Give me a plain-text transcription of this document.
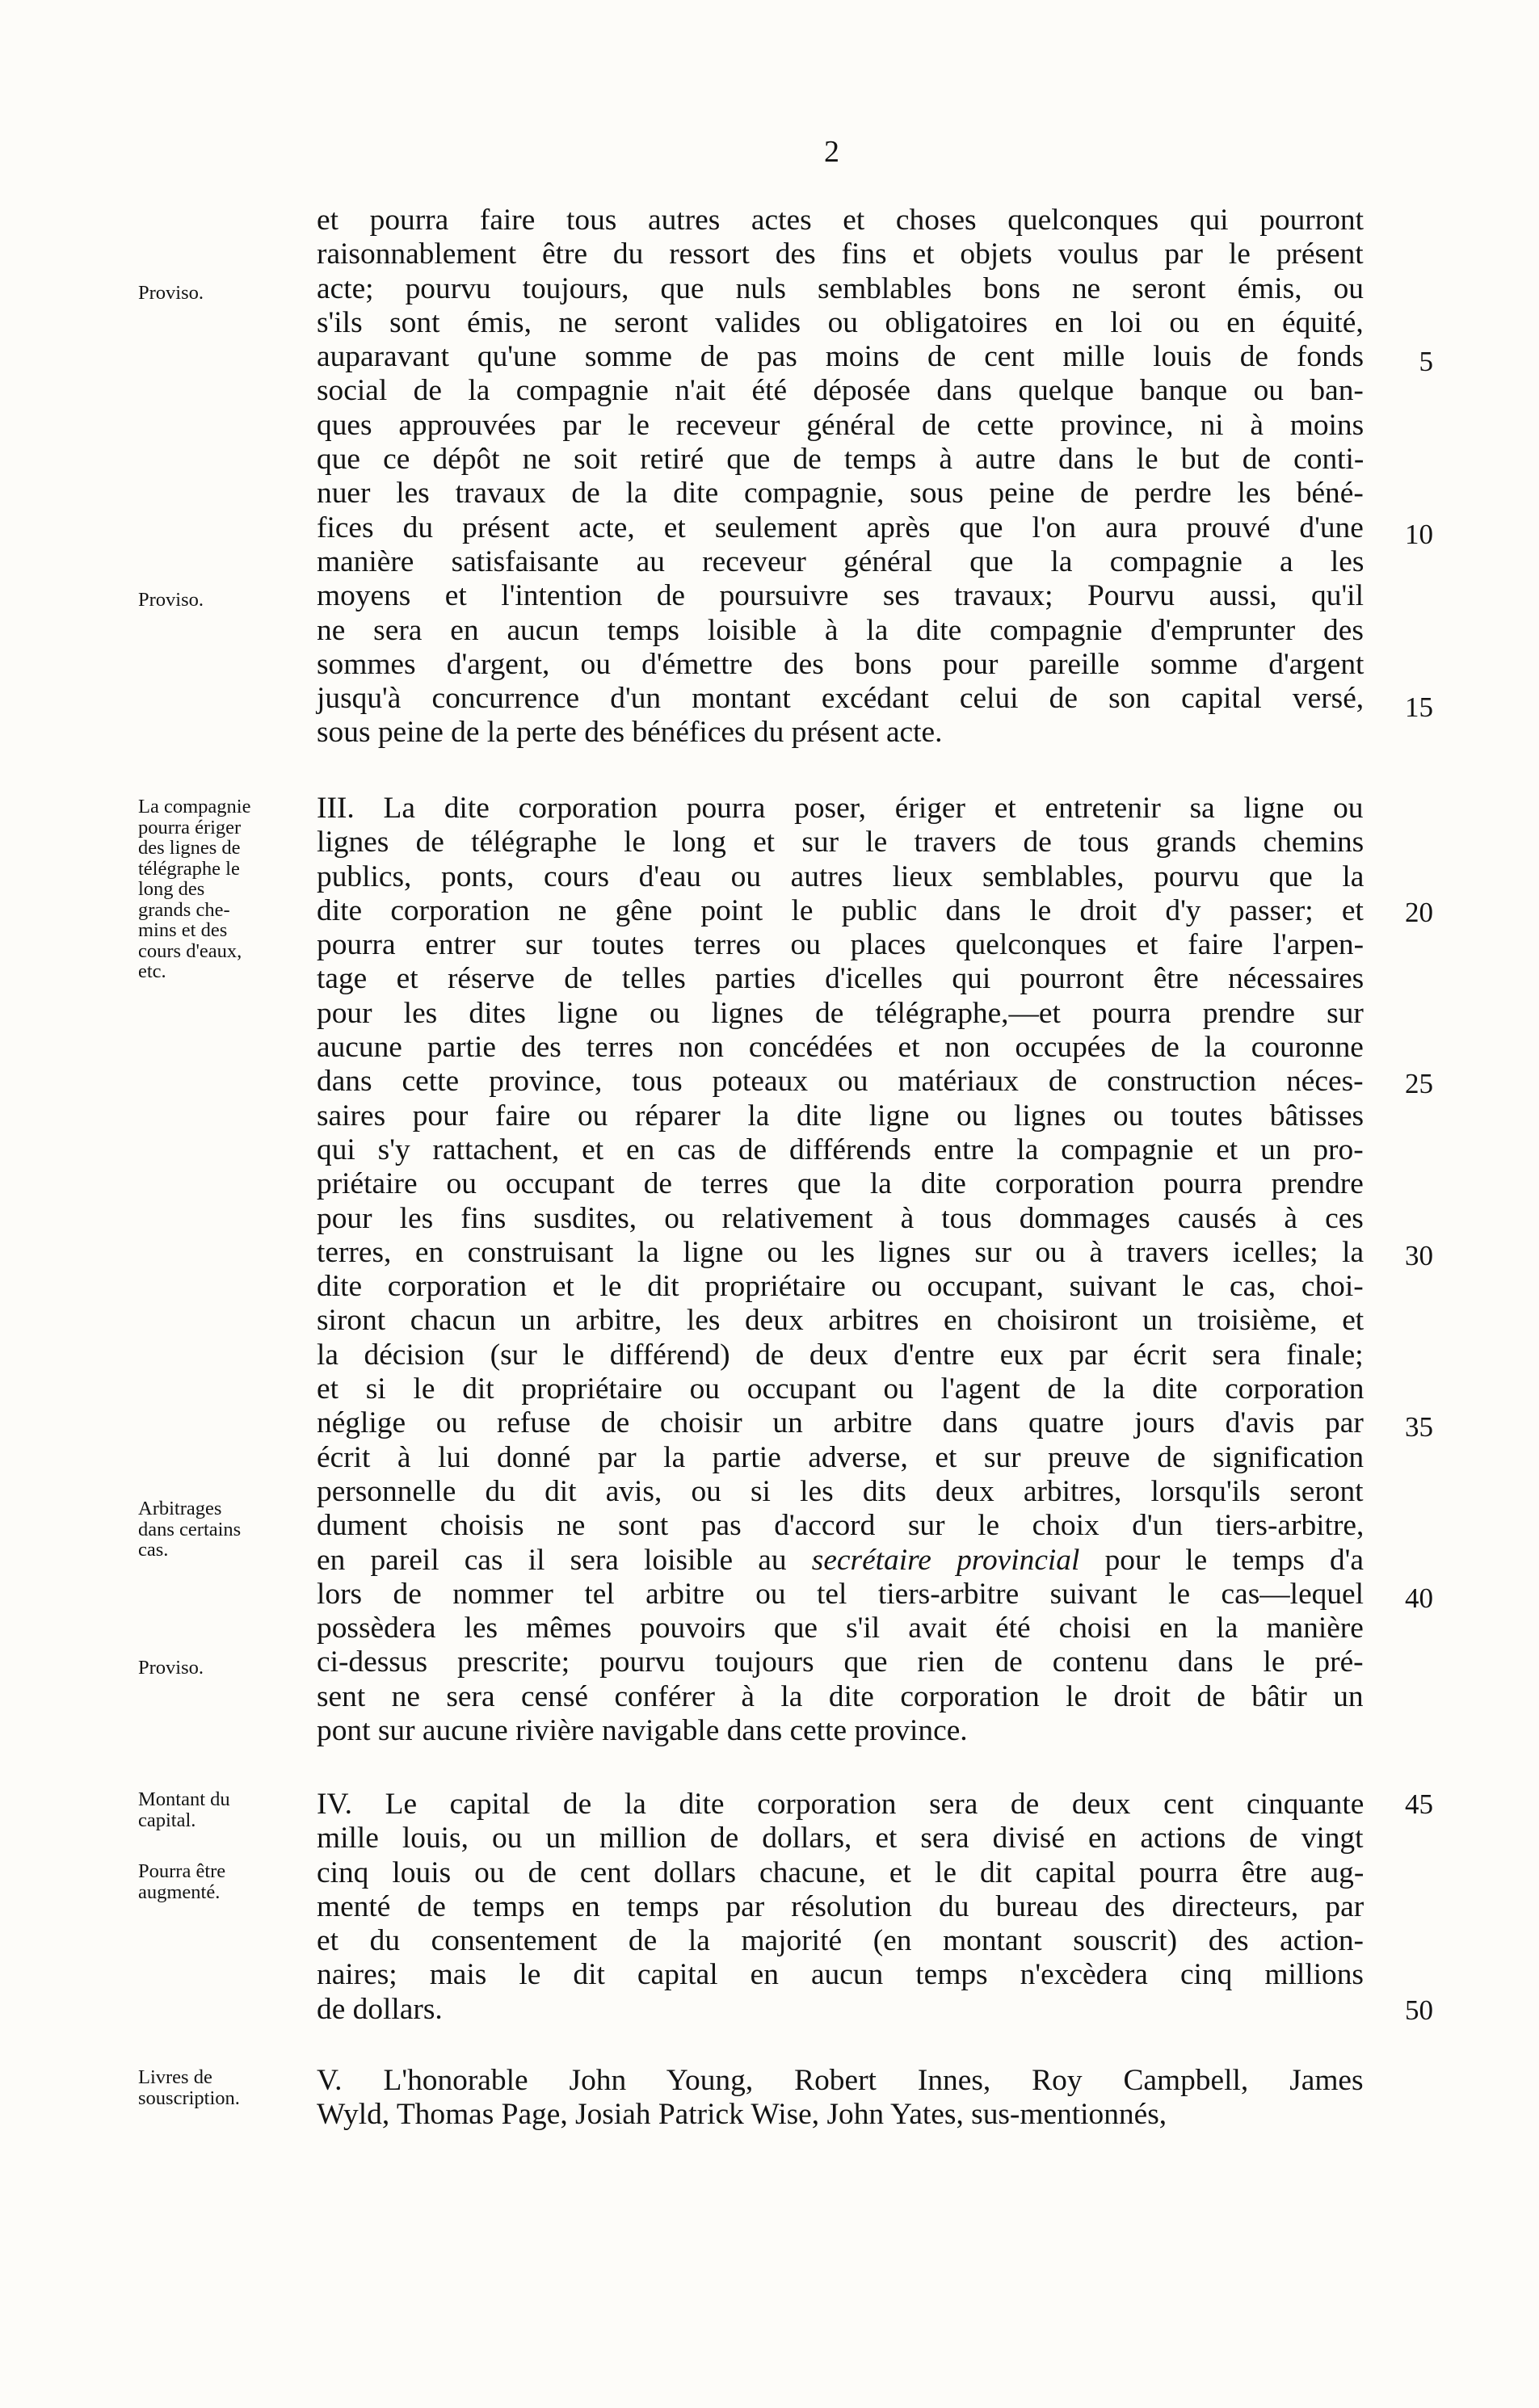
2
et pourra faire tous autres actes et choses quelconques qui pourront
raisonnablement être du ressort des fins et objets voulus par le présent
acte; pourvu toujours, que nuls semblables bons ne seront émis, ou
s'ils sont émis, ne seront valides ou obligatoires en loi ou en équité,
auparavant qu'une somme de pas moins de cent mille louis de fonds
social de la compagnie n'ait été déposée dans quelque banque ou ban-
ques approuvées par le receveur général de cette province, ni à moins
que ce dépôt ne soit retiré que de temps à autre dans le but de conti-
nuer les travaux de la dite compagnie, sous peine de perdre les béné-
fices du présent acte, et seulement après que l'on aura prouvé d'une
manière satisfaisante au receveur général que la compagnie a les
moyens et l'intention de poursuivre ses travaux; Pourvu aussi, qu'il
ne sera en aucun temps loisible à la dite compagnie d'emprunter des
sommes d'argent, ou d'émettre des bons pour pareille somme d'argent
jusqu'à concurrence d'un montant excédant celui de son capital versé,
sous peine de la perte des bénéfices du présent acte.
III. La dite corporation pourra poser, ériger et entretenir sa ligne ou
lignes de télégraphe le long et sur le travers de tous grands chemins
publics, ponts, cours d'eau ou autres lieux semblables, pourvu que la
dite corporation ne gêne point le public dans le droit d'y passer; et
pourra entrer sur toutes terres ou places quelconques et faire l'arpen-
tage et réserve de telles parties d'icelles qui pourront être nécessaires
pour les dites ligne ou lignes de télégraphe,—et pourra prendre sur
aucune partie des terres non concédées et non occupées de la couronne
dans cette province, tous poteaux ou matériaux de construction néces-
saires pour faire ou réparer la dite ligne ou lignes ou toutes bâtisses
qui s'y rattachent, et en cas de différends entre la compagnie et un pro-
priétaire ou occupant de terres que la dite corporation pourra prendre
pour les fins susdites, ou relativement à tous dommages causés à ces
terres, en construisant la ligne ou les lignes sur ou à travers icelles; la
dite corporation et le dit propriétaire ou occupant, suivant le cas, choi-
siront chacun un arbitre, les deux arbitres en choisiront un troisième, et
la décision (sur le différend) de deux d'entre eux par écrit sera finale;
et si le dit propriétaire ou occupant ou l'agent de la dite corporation
néglige ou refuse de choisir un arbitre dans quatre jours d'avis par
écrit à lui donné par la partie adverse, et sur preuve de signification
personnelle du dit avis, ou si les dits deux arbitres, lorsqu'ils seront
dument choisis ne sont pas d'accord sur le choix d'un tiers-arbitre,
en pareil cas il sera loisible au secrétaire provincial pour le temps d'a
lors de nommer tel arbitre ou tel tiers-arbitre suivant le cas—lequel
possèdera les mêmes pouvoirs que s'il avait été choisi en la manière
ci-dessus prescrite; pourvu toujours que rien de contenu dans le pré-
sent ne sera censé conférer à la dite corporation le droit de bâtir un
pont sur aucune rivière navigable dans cette province.
IV. Le capital de la dite corporation sera de deux cent cinquante
mille louis, ou un million de dollars, et sera divisé en actions de vingt
cinq louis ou de cent dollars chacune, et le dit capital pourra être aug-
menté de temps en temps par résolution du bureau des directeurs, par
et du consentement de la majorité (en montant souscrit) des action-
naires; mais le dit capital en aucun temps n'excèdera cinq millions
de dollars.
V. L'honorable John Young, Robert Innes, Roy Campbell, James
Wyld, Thomas Page, Josiah Patrick Wise, John Yates, sus-mentionnés,
Proviso.
Proviso.
La compagnie
pourra ériger
des lignes de
télégraphe le
long des
grands che-
mins et des
cours d'eaux,
etc.
Arbitrages
dans certains
cas.
Proviso.
Montant du
capital.
Pourra être
augmenté.
Livres de
souscription.
5
10
15
20
25
30
35
40
45
50
